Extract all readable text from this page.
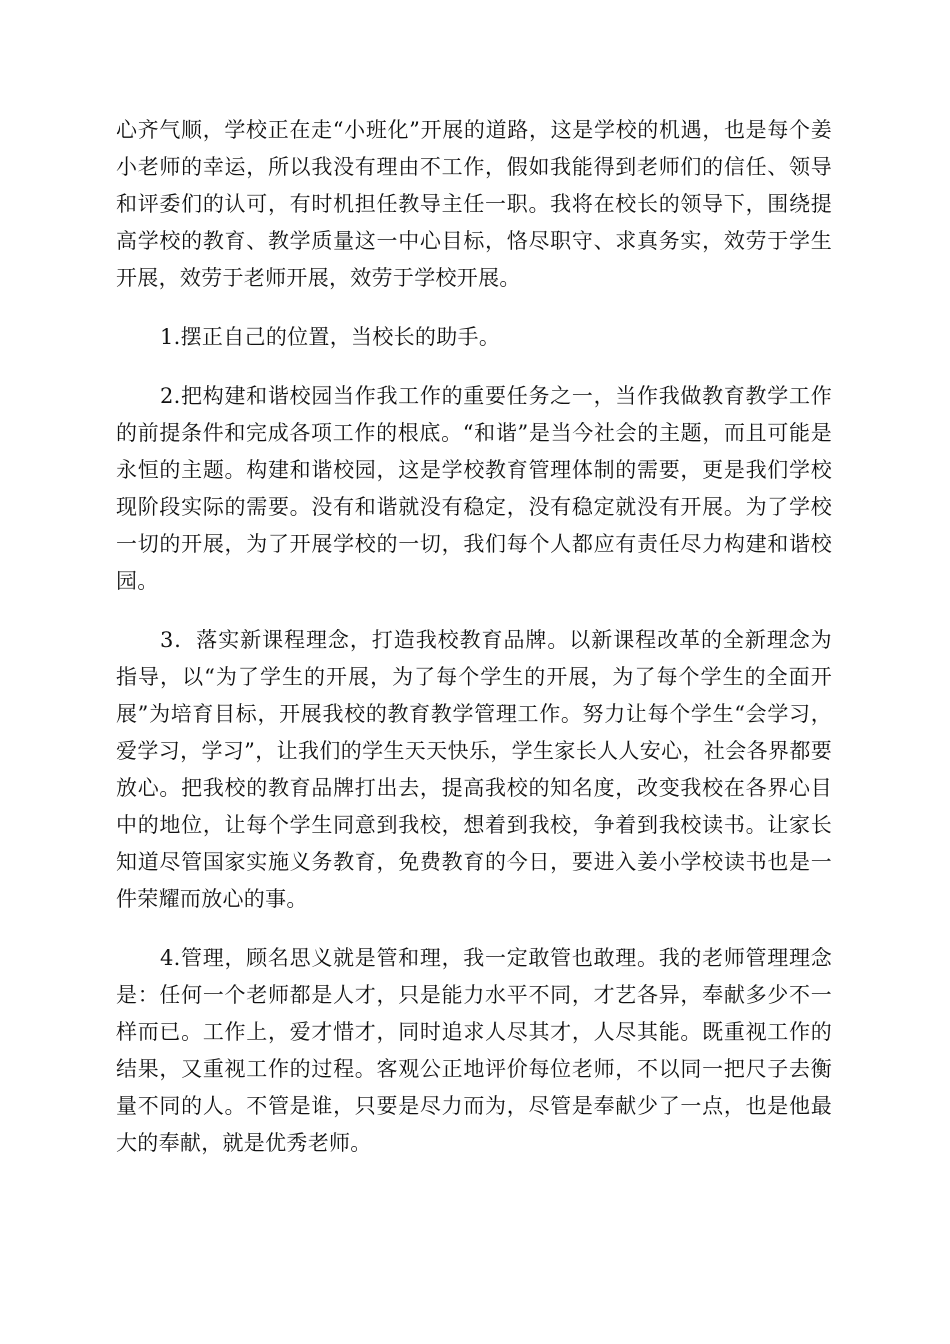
心齐气顺，学校正在走“小班化”开展的道路，这是学校的机遇，也是每个姜小老师的幸运，所以我没有理由不工作，假如我能得到老师们的信任、领导和评委们的认可，有时机担任教导主任一职。我将在校长的领导下，围绕提高学校的教育、教学质量这一中心目标，恪尽职守、求真务实，效劳于学生开展，效劳于老师开展，效劳于学校开展。

1.摆正自己的位置，当校长的助手。

2.把构建和谐校园当作我工作的重要任务之一，当作我做教育教学工作的前提条件和完成各项工作的根底。“和谐”是当今社会的主题，而且可能是永恒的主题。构建和谐校园，这是学校教育管理体制的需要，更是我们学校现阶段实际的需要。没有和谐就没有稳定，没有稳定就没有开展。为了学校一切的开展，为了开展学校的一切，我们每个人都应有责任尽力构建和谐校园。

3．落实新课程理念，打造我校教育品牌。以新课程改革的全新理念为指导，以“为了学生的开展，为了每个学生的开展，为了每个学生的全面开展”为培育目标，开展我校的教育教学管理工作。努力让每个学生“会学习，爱学习，学习”，让我们的学生天天快乐，学生家长人人安心，社会各界都要放心。把我校的教育品牌打出去，提高我校的知名度，改变我校在各界心目中的地位，让每个学生同意到我校，想着到我校，争着到我校读书。让家长知道尽管国家实施义务教育，免费教育的今日，要进入姜小学校读书也是一件荣耀而放心的事。

4.管理，顾名思义就是管和理，我一定敢管也敢理。我的老师管理理念是：任何一个老师都是人才，只是能力水平不同，才艺各异，奉献多少不一样而已。工作上，爱才惜才，同时追求人尽其才，人尽其能。既重视工作的结果，又重视工作的过程。客观公正地评价每位老师，不以同一把尺子去衡量不同的人。不管是谁，只要是尽力而为，尽管是奉献少了一点，也是他最大的奉献，就是优秀老师。
